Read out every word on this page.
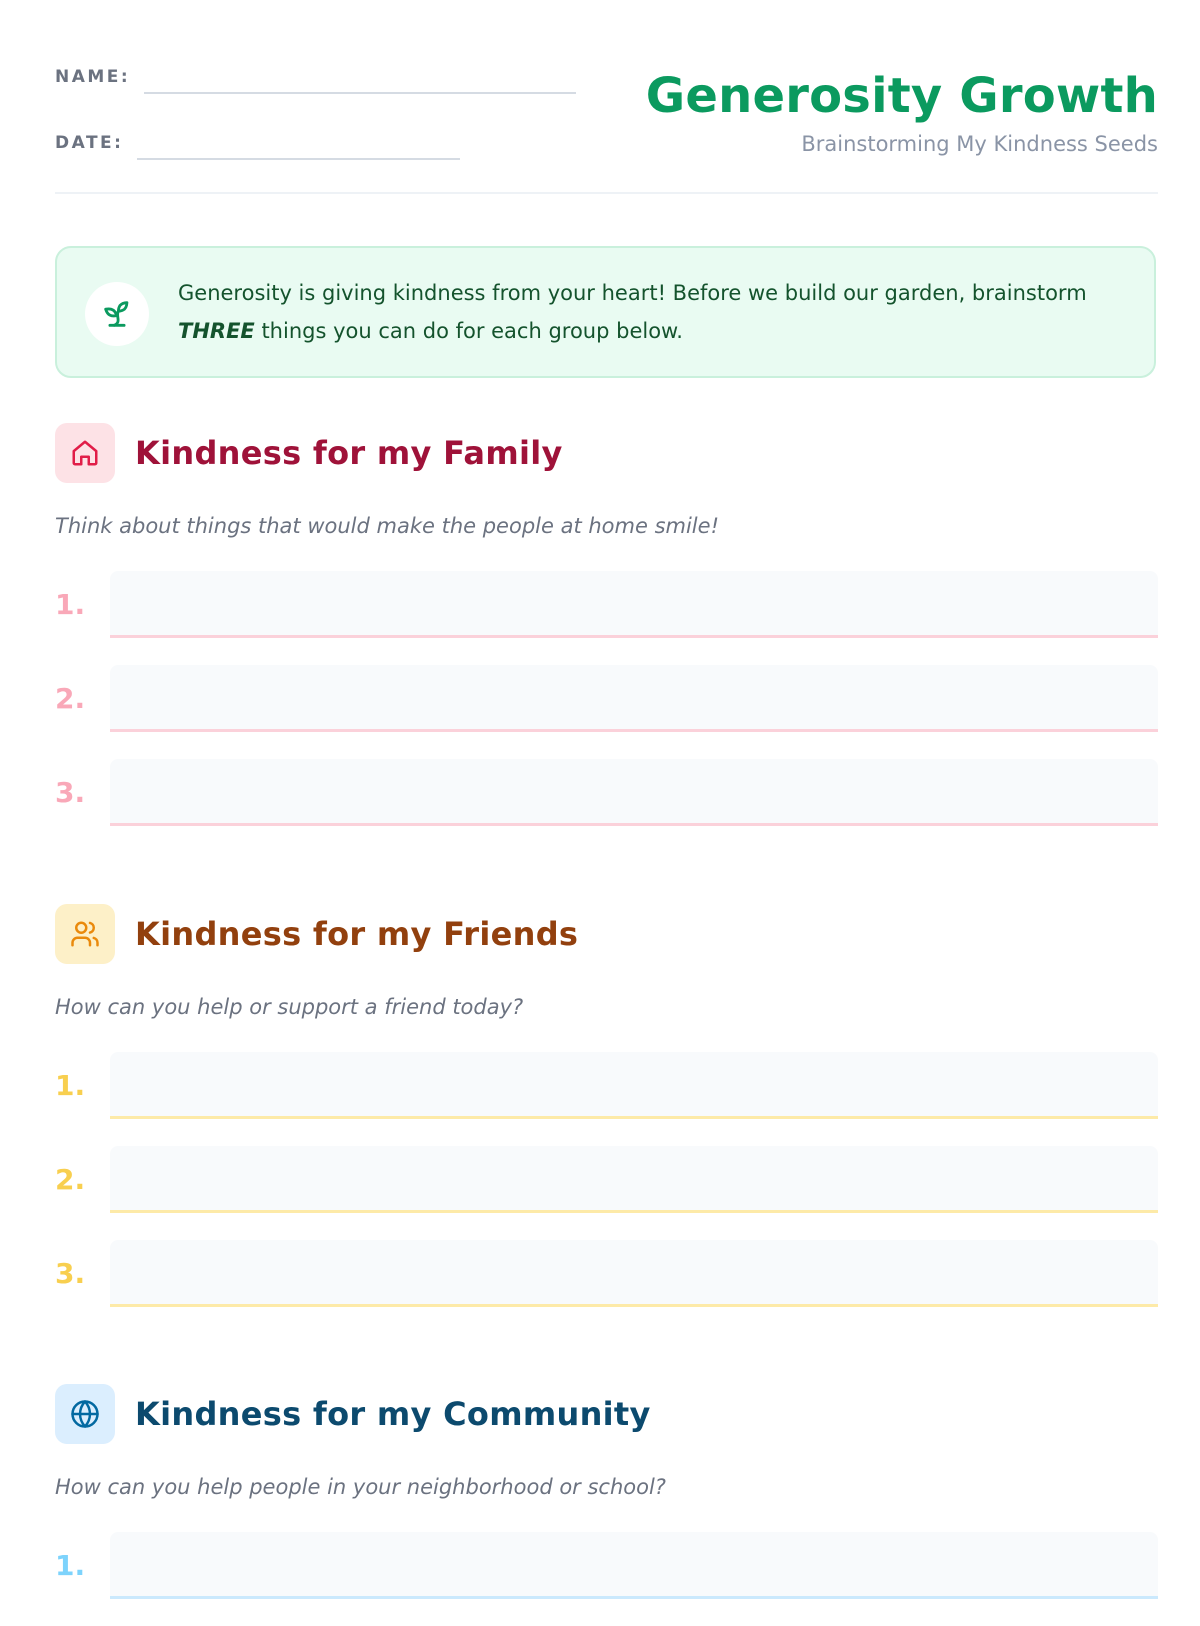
NAME:
DATE:
Generosity Growth
Brainstorming My Kindness Seeds
Generosity is giving kindness from your heart! Before we build our garden, brainstorm THREE things you can do for each group below.
Kindness for my Family
Think about things that would make the people at home smile!
1.
2.
3.
Kindness for my Friends
How can you help or support a friend today?
1.
2.
3.
Kindness for my Community
How can you help people in your neighborhood or school?
1.
